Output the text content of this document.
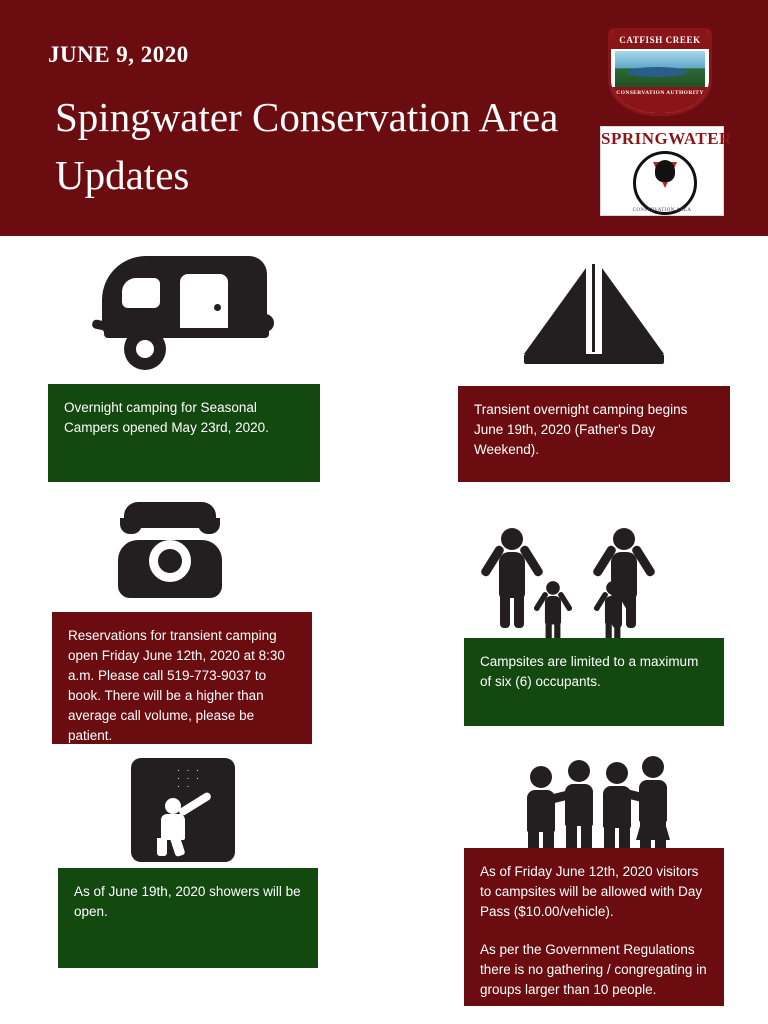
JUNE 9, 2020
Spingwater Conservation Area Updates
CATFISH CREEK
CONSERVATION AUTHORITY
SPRINGWATER
CONSERVATION AREA
· · ·
· · ·
· ·

Overnight camping for Seasonal Campers opened May 23rd, 2020.

Transient overnight camping begins June 19th, 2020 (Father's Day Weekend).

Reservations for transient camping open Friday June 12th, 2020 at 8:30 a.m. Please call 519-773-9037 to book. There will be a higher than average call volume, please be patient.

Campsites are limited to a maximum of six (6) occupants.

As of June 19th, 2020 showers will be open.

As of Friday June 12th, 2020 visitors to campsites will be allowed with Day Pass ($10.00/vehicle).

As per the Government Regulations there is no gathering / congregating in groups larger than 10 people.
